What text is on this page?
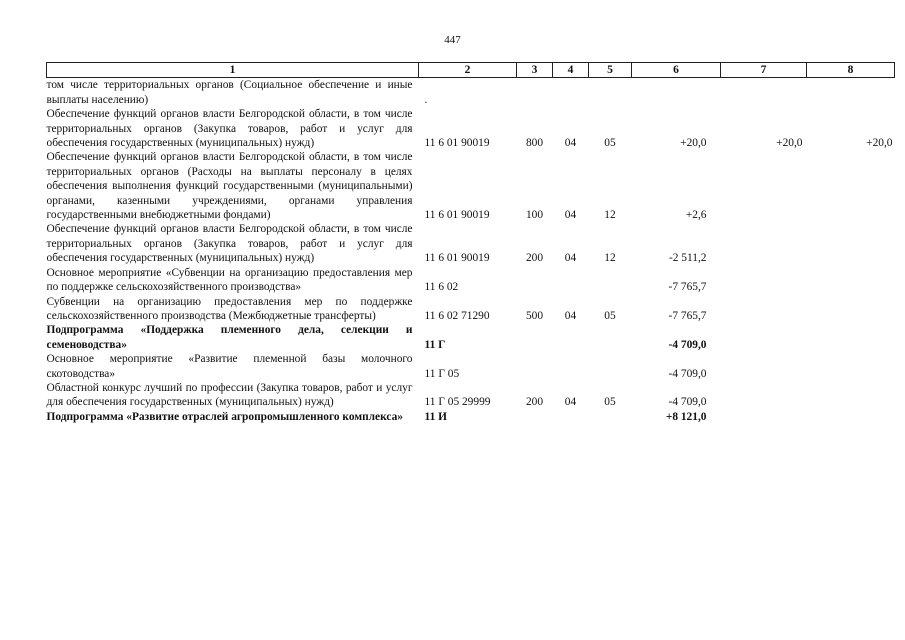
447
1	2	3	4	5	6	7	8
том числе территориальных органов (Социальное обеспечение и иные выплаты населению)	.						
Обеспечение функций органов власти Белгородской области, в том числе территориальных органов (Закупка товаров, работ и услуг для обеспечения государственных (муниципальных) нужд)	11 6 01 90019	800	04	05	+20,0	+20,0	+20,0
Обеспечение функций органов власти Белгородской области, в том числе территориальных органов (Расходы на выплаты персоналу в целях обеспечения выполнения функций государственными (муниципальными) органами, казенными учреждениями, органами управления государственными внебюджетными фондами)	11 6 01 90019	100	04	12	+2,6		
Обеспечение функций органов власти Белгородской области, в том числе территориальных органов (Закупка товаров, работ и услуг для обеспечения государственных (муниципальных) нужд)	11 6 01 90019	200	04	12	-2 511,2		
Основное мероприятие «Субвенции на организацию предоставления мер по поддержке сельскохозяйственного производства»	11 6 02				-7 765,7		
Субвенции на организацию предоставления мер по поддержке сельскохозяйственного производства (Межбюджетные трансферты)	11 6 02 71290	500	04	05	-7 765,7		
Подпрограмма «Поддержка племенного дела, селекции и семеноводства»	11 Г				-4 709,0		
Основное мероприятие «Развитие племенной базы молочного скотоводства»	11 Г 05				-4 709,0		
Областной конкурс лучший по профессии (Закупка товаров, работ и услуг для обеспечения государственных (муниципальных) нужд)	11 Г 05 29999	200	04	05	-4 709,0		
Подпрограмма «Развитие отраслей агропромышленного комплекса»	11 И				+8 121,0		
